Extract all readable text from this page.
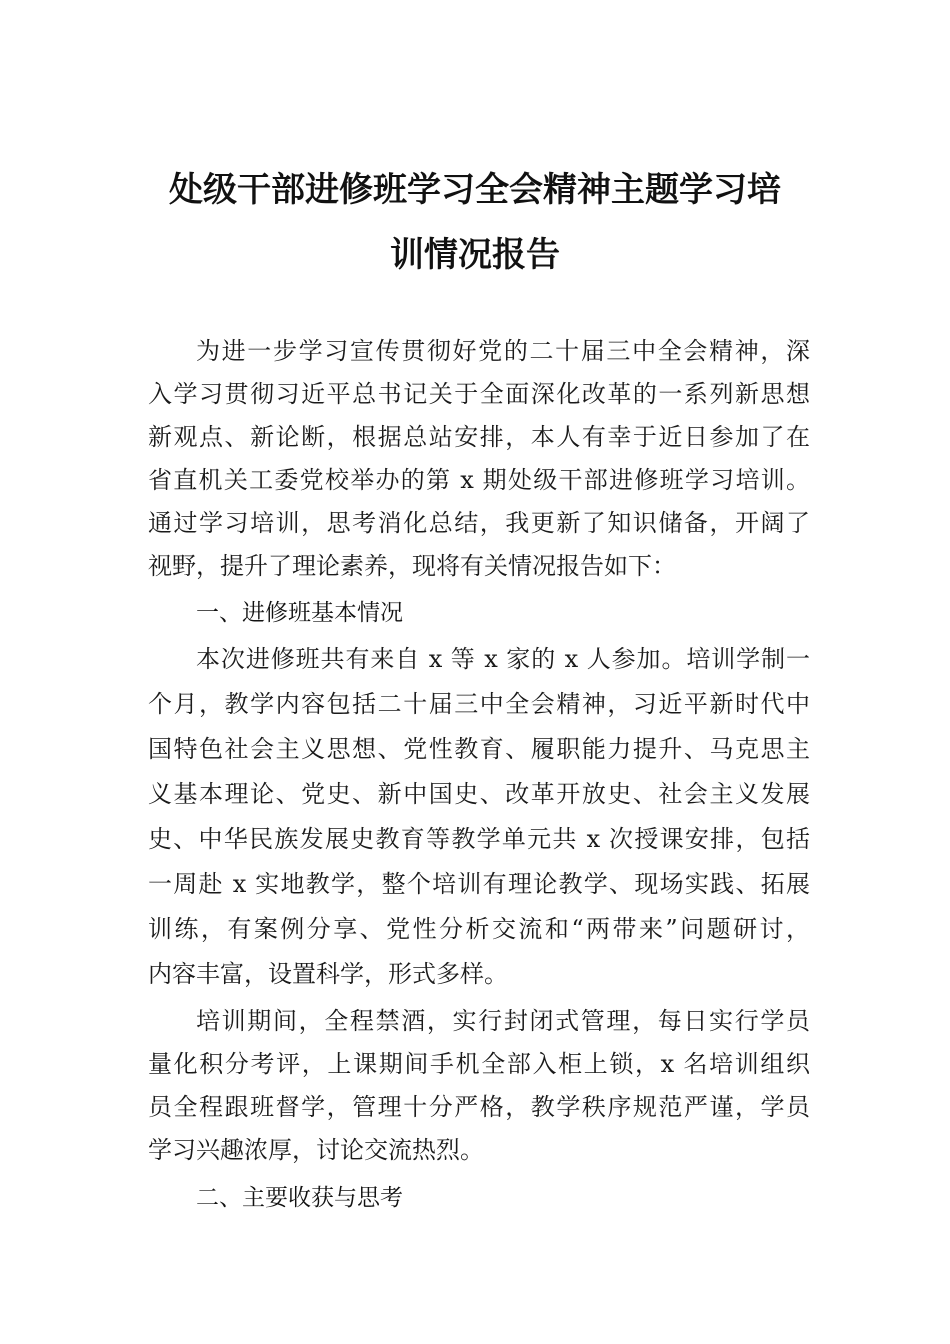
处级干部进修班学习全会精神主题学习培
训情况报告
为进一步学习宣传贯彻好党的二十届三中全会精神，深
入学习贯彻习近平总书记关于全面深化改革的一系列新思想
新观点、新论断，根据总站安排，本人有幸于近日参加了在
省直机关工委党校举办的第 x 期处级干部进修班学习培训。
通过学习培训，思考消化总结，我更新了知识储备，开阔了
视野，提升了理论素养，现将有关情况报告如下：
一、进修班基本情况
本次进修班共有来自 x 等 x 家的 x 人参加。培训学制一
个月，教学内容包括二十届三中全会精神，习近平新时代中
国特色社会主义思想、党性教育、履职能力提升、马克思主
义基本理论、党史、新中国史、改革开放史、社会主义发展
史、中华民族发展史教育等教学单元共 x 次授课安排，包括
一周赴 x 实地教学，整个培训有理论教学、现场实践、拓展
训练，有案例分享、党性分析交流和“两带来”问题研讨，
内容丰富，设置科学，形式多样。
培训期间，全程禁酒，实行封闭式管理，每日实行学员
量化积分考评，上课期间手机全部入柜上锁，x 名培训组织
员全程跟班督学，管理十分严格，教学秩序规范严谨，学员
学习兴趣浓厚，讨论交流热烈。
二、主要收获与思考
